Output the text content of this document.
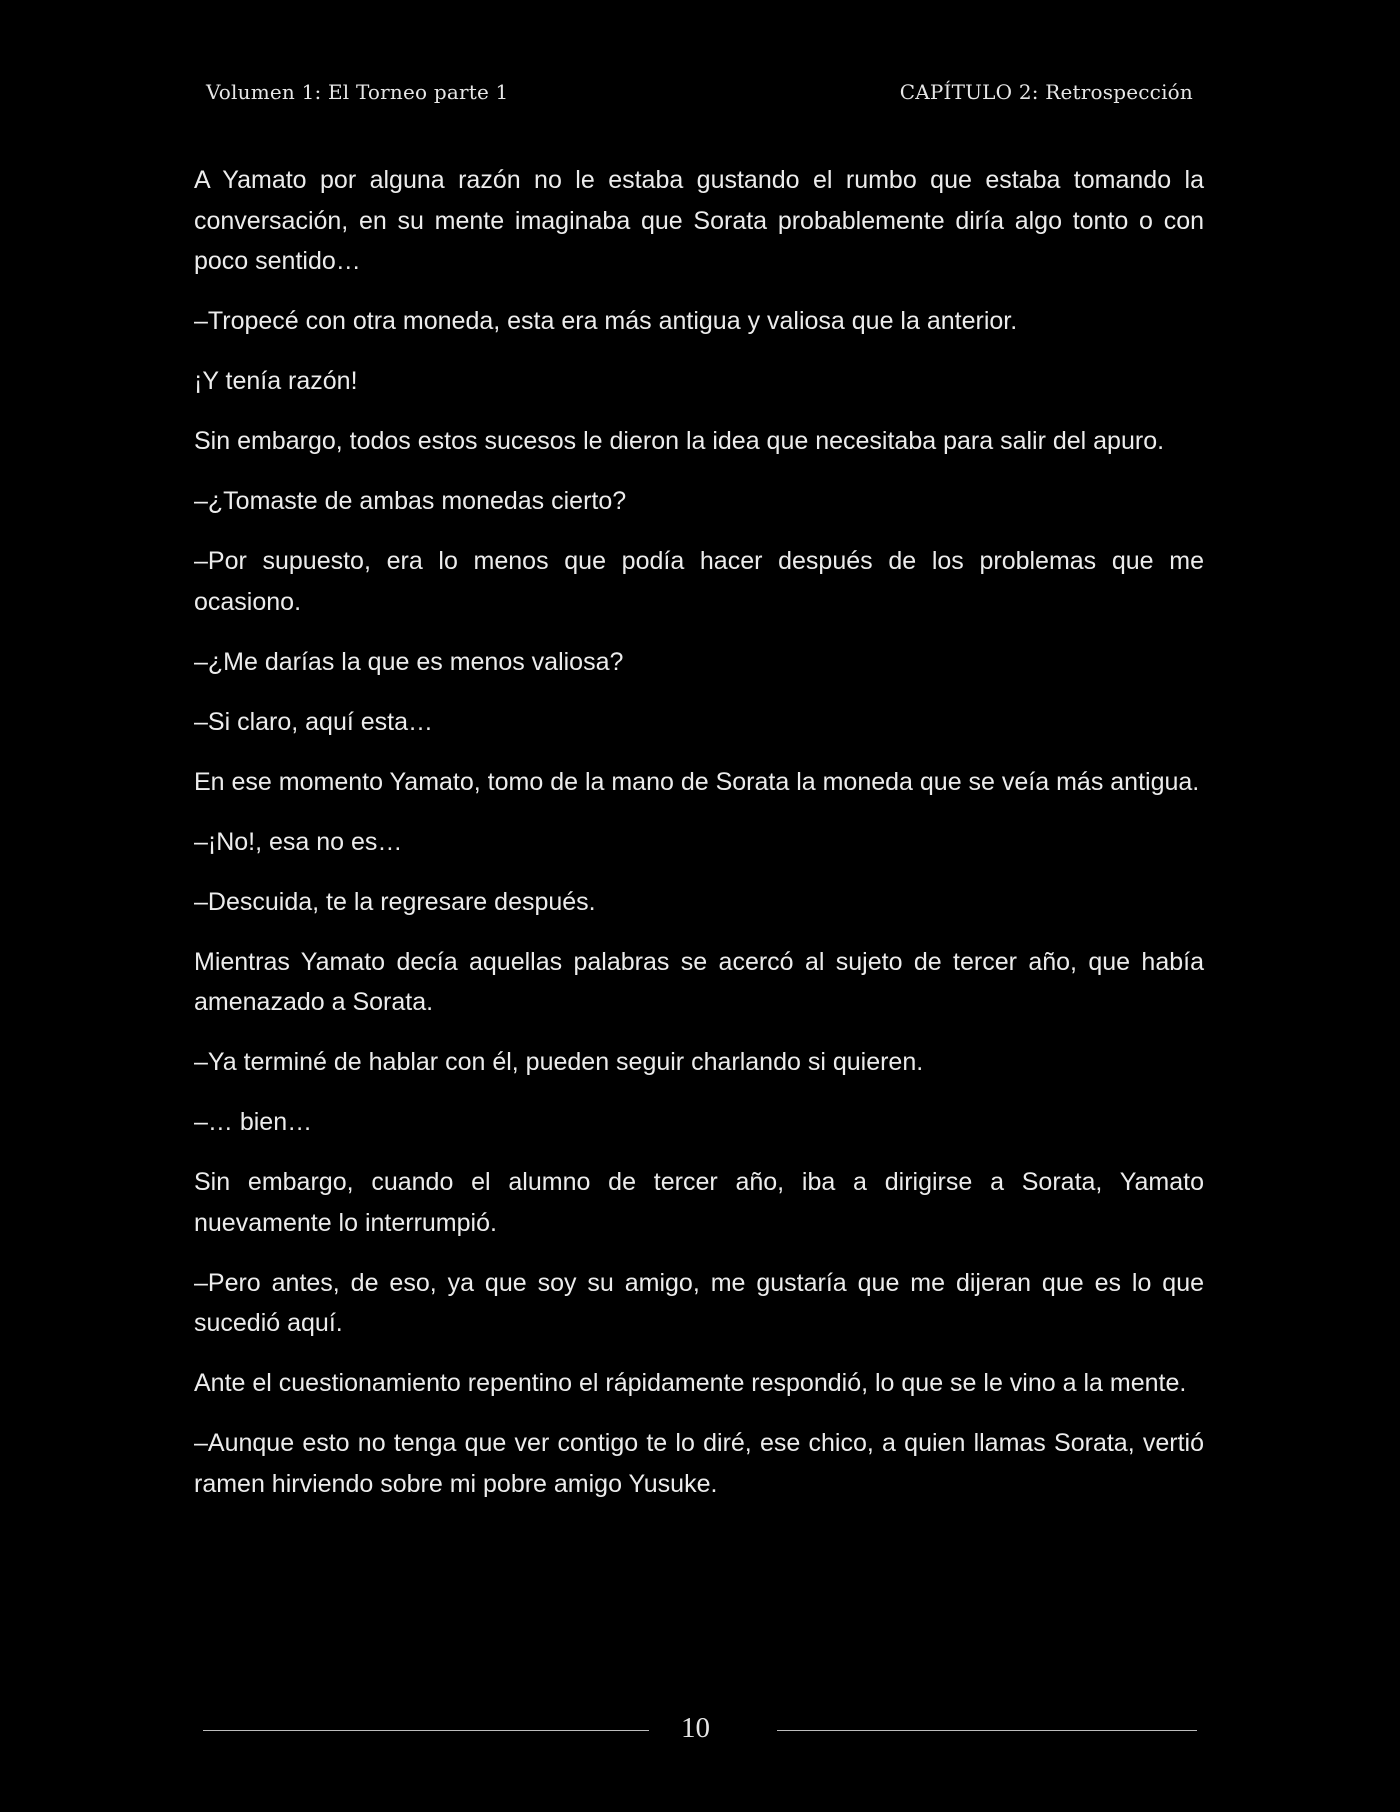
Volumen 1: El Torneo parte 1	CAPÍTULO 2: Retrospección

A Yamato por alguna razón no le estaba gustando el rumbo que estaba tomando la conversación, en su mente imaginaba que Sorata probablemente diría algo tonto o con poco sentido…

–Tropecé con otra moneda, esta era más antigua y valiosa que la anterior.

¡Y tenía razón!

Sin embargo, todos estos sucesos le dieron la idea que necesitaba para salir del apuro.

–¿Tomaste de ambas monedas cierto?

–Por supuesto, era lo menos que podía hacer después de los problemas que me ocasiono.

–¿Me darías la que es menos valiosa?

–Si claro, aquí esta…

En ese momento Yamato, tomo de la mano de Sorata la moneda que se veía más antigua.

–¡No!, esa no es…

–Descuida, te la regresare después.

Mientras Yamato decía aquellas palabras se acercó al sujeto de tercer año, que había amenazado a Sorata.

–Ya terminé de hablar con él, pueden seguir charlando si quieren.

–… bien…

Sin embargo, cuando el alumno de tercer año, iba a dirigirse a Sorata, Yamato nuevamente lo interrumpió.

–Pero antes, de eso, ya que soy su amigo, me gustaría que me dijeran que es lo que sucedió aquí.

Ante el cuestionamiento repentino el rápidamente respondió, lo que se le vino a la mente.

–Aunque esto no tenga que ver contigo te lo diré, ese chico, a quien llamas Sorata, vertió ramen hirviendo sobre mi pobre amigo Yusuke.

10
